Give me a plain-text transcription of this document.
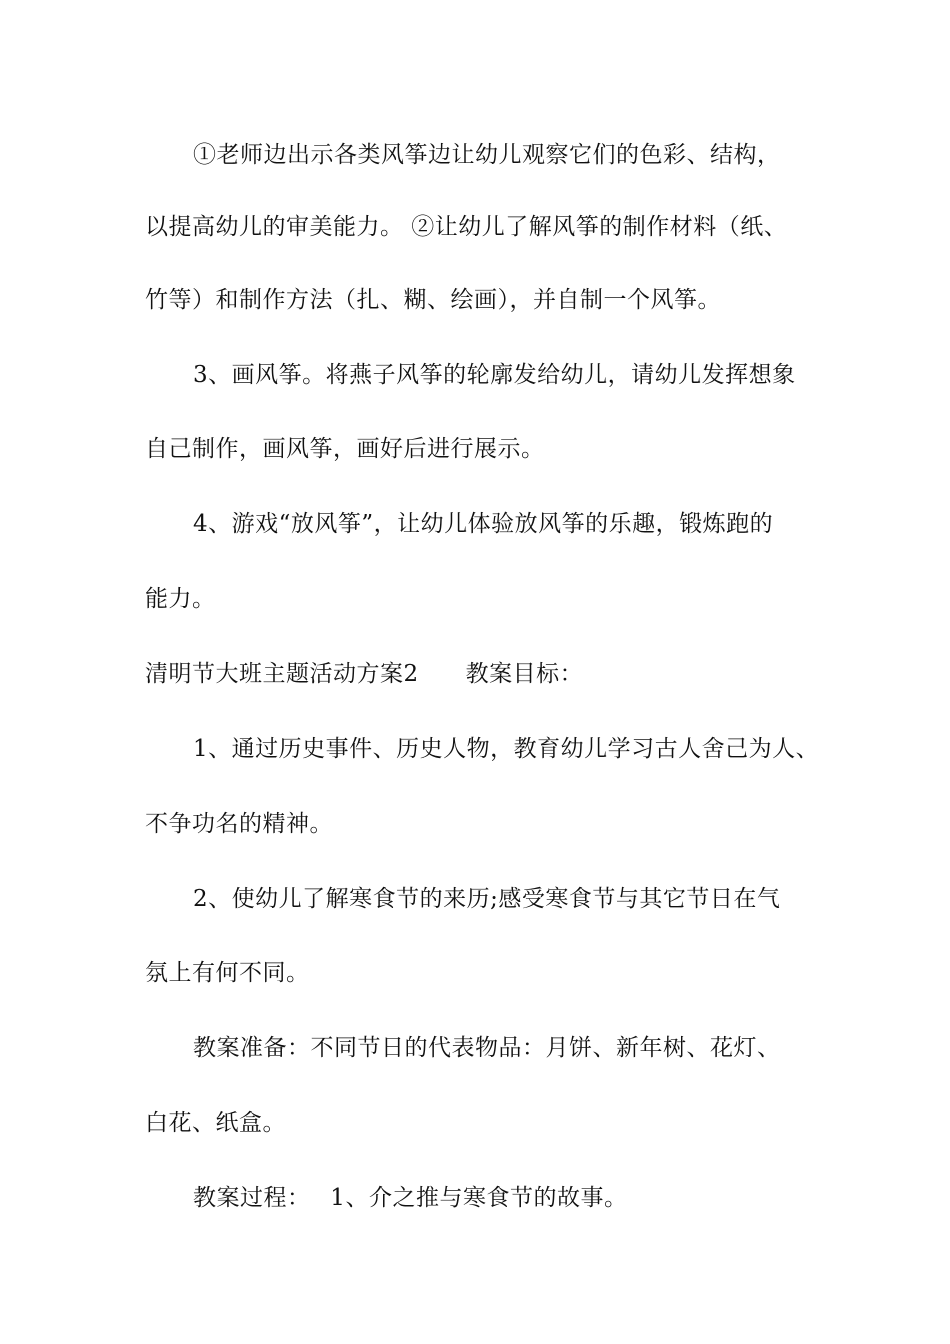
①老师边出示各类风筝边让幼儿观察它们的色彩、结构，
以提高幼儿的审美能力。 ②让幼儿了解风筝的制作材料（纸、
竹等）和制作方法（扎、糊、绘画），并自制一个风筝。
3、画风筝。将燕子风筝的轮廓发给幼儿，请幼儿发挥想象
自己制作，画风筝，画好后进行展示。
4、游戏“放风筝”，让幼儿体验放风筝的乐趣，锻炼跑的
能力。
清明节大班主题活动方案2　　教案目标：
1、通过历史事件、历史人物，教育幼儿学习古人舍己为人、
不争功名的精神。
2、使幼儿了解寒食节的来历;感受寒食节与其它节日在气
氛上有何不同。
教案准备：不同节日的代表物品：月饼、新年树、花灯、
白花、纸盒。
教案过程：　 1、介之推与寒食节的故事。
